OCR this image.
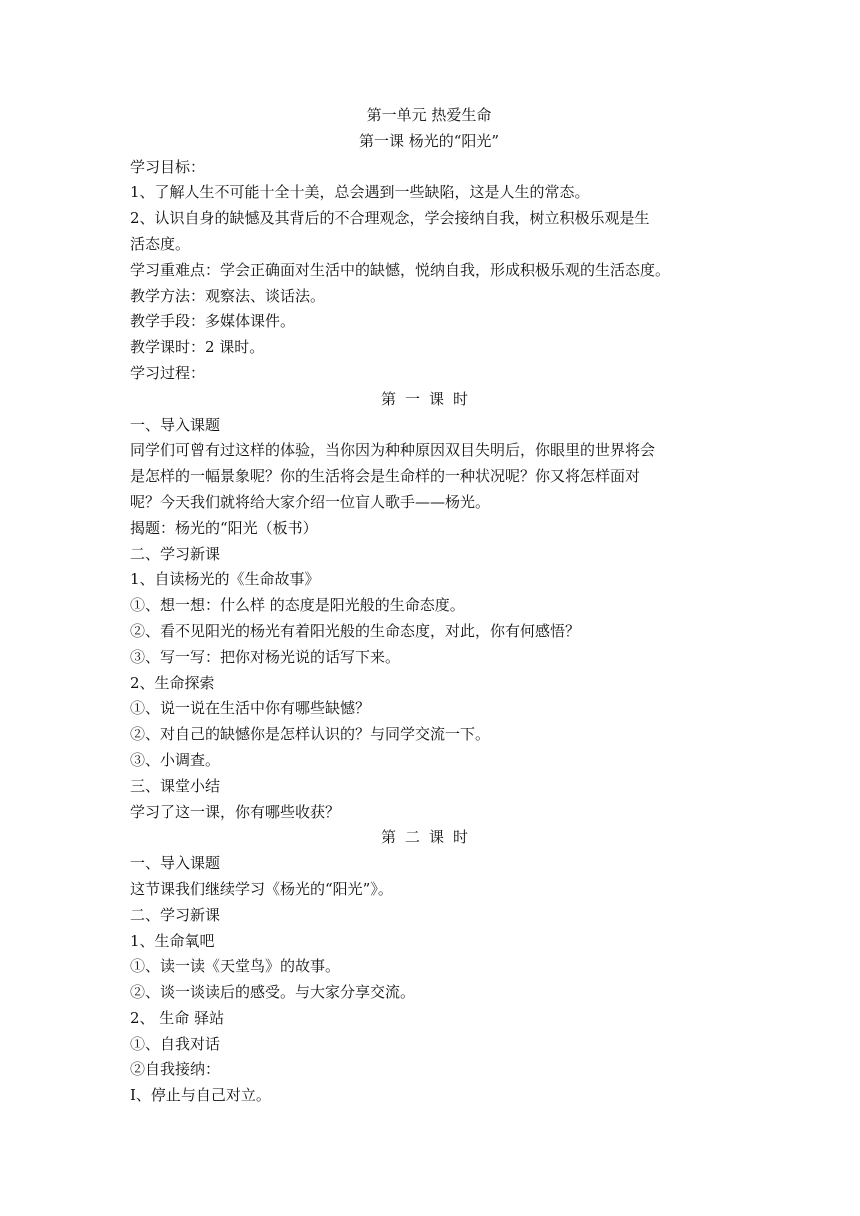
第一单元 热爱生命
第一课 杨光的“阳光”
学习目标：
1、了解人生不可能十全十美，总会遇到一些缺陷，这是人生的常态。
2、认识自身的缺憾及其背后的不合理观念，学会接纳自我，树立积极乐观是生
活态度。
学习重难点：学会正确面对生活中的缺憾，悦纳自我，形成积极乐观的生活态度。
教学方法：观察法、谈话法。
教学手段：多媒体课件。
教学课时：2 课时。
学习过程：
第一课时
一、导入课题
同学们可曾有过这样的体验，当你因为种种原因双目失明后，你眼里的世界将会
是怎样的一幅景象呢？你的生活将会是生命样的一种状况呢？你又将怎样面对
呢？今天我们就将给大家介绍一位盲人歌手——杨光。
揭题：杨光的“阳光（板书）
二、学习新课
1、自读杨光的《生命故事》
①、想一想：什么样 的态度是阳光般的生命态度。
②、看不见阳光的杨光有着阳光般的生命态度，对此，你有何感悟？
③、写一写：把你对杨光说的话写下来。
2、生命探索
①、说一说在生活中你有哪些缺憾？
②、对自己的缺憾你是怎样认识的？与同学交流一下。
③、小调查。
三、课堂小结
学习了这一课，你有哪些收获？
第二课时
一、导入课题
这节课我们继续学习《杨光的“阳光”》。
二、学习新课
1、生命氧吧
①、读一读《天堂鸟》的故事。
②、谈一谈读后的感受。与大家分享交流。
2、 生命 驿站
①、自我对话
②自我接纳：
Ⅰ、停止与自己对立。
